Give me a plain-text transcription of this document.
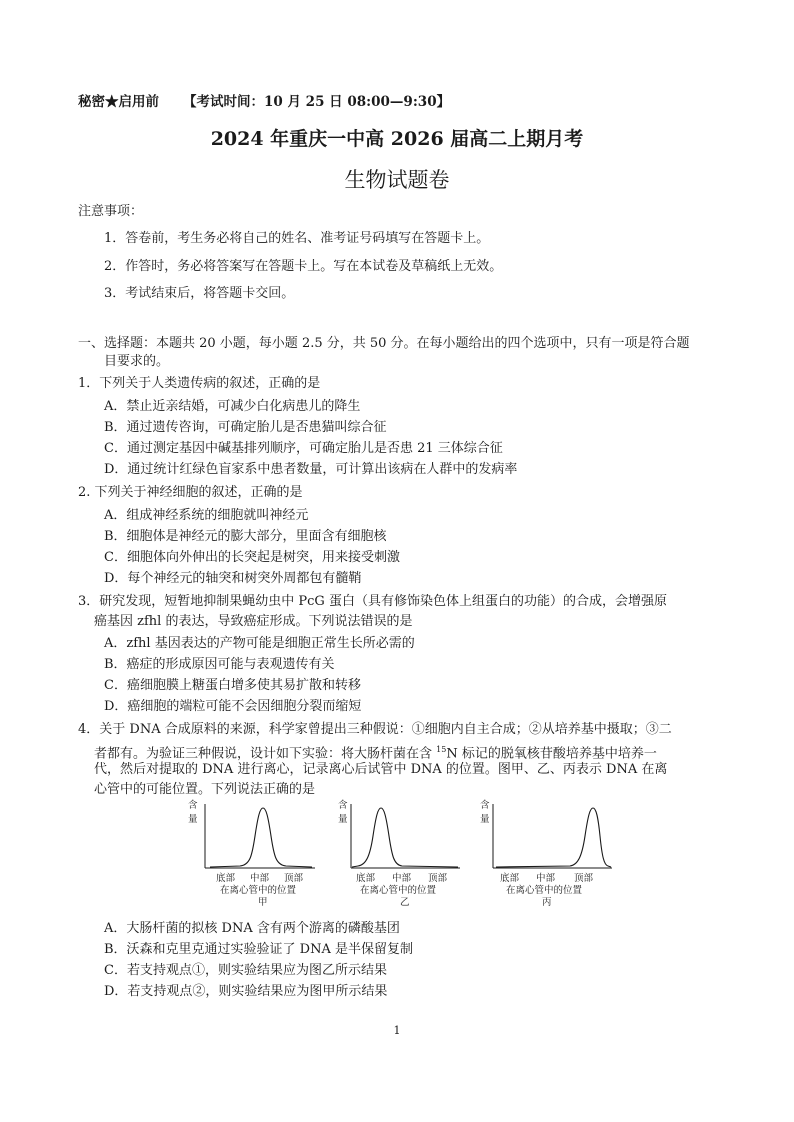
秘密★启用前 【考试时间：10 月 25 日 08:00—9:30】
2024 年重庆一中高 2026 届高二上期月考
生物试题卷
注意事项：
1．答卷前，考生务必将自己的姓名、准考证号码填写在答题卡上。
2．作答时，务必将答案写在答题卡上。写在本试卷及草稿纸上无效。
3．考试结束后，将答题卡交回。
一、选择题：本题共 20 小题，每小题 2.5 分，共 50 分。在每小题给出的四个选项中，只有一项是符合题
目要求的。
1．下列关于人类遗传病的叙述，正确的是
A．禁止近亲结婚，可减少白化病患儿的降生
B．通过遗传咨询，可确定胎儿是否患猫叫综合征
C．通过测定基因中碱基排列顺序，可确定胎儿是否患 21 三体综合征
D．通过统计红绿色盲家系中患者数量，可计算出该病在人群中的发病率
2. 下列关于神经细胞的叙述，正确的是
A．组成神经系统的细胞就叫神经元
B．细胞体是神经元的膨大部分，里面含有细胞核
C．细胞体向外伸出的长突起是树突，用来接受刺激
D．每个神经元的轴突和树突外周都包有髓鞘
3．研究发现，短暂地抑制果蝇幼虫中 PcG 蛋白（具有修饰染色体上组蛋白的功能）的合成，会增强原
癌基因 zfhl 的表达，导致癌症形成。下列说法错误的是
A．zfhl 基因表达的产物可能是细胞正常生长所必需的
B．癌症的形成原因可能与表观遗传有关
C．癌细胞膜上糖蛋白增多使其易扩散和转移
D．癌细胞的端粒可能不会因细胞分裂而缩短
4．关于 DNA 合成原料的来源，科学家曾提出三种假说：①细胞内自主合成；②从培养基中摄取；③二
者都有。为验证三种假说，设计如下实验：将大肠杆菌在含 $^{15}$N 标记的脱氧核苷酸培养基中培养一
代，然后对提取的 DNA 进行离心，记录离心后试管中 DNA 的位置。图甲、乙、丙表示 DNA 在离
心管中的可能位置。下列说法正确的是
含
量
底部 中部 顶部
在离心管中的位置
甲
含
量
底部 中部 顶部
在离心管中的位置
乙
含
量
底部 中部 顶部
在离心管中的位置
丙
A．大肠杆菌的拟核 DNA 含有两个游离的磷酸基团
B．沃森和克里克通过实验验证了 DNA 是半保留复制
C．若支持观点①，则实验结果应为图乙所示结果
D．若支持观点②，则实验结果应为图甲所示结果
1
